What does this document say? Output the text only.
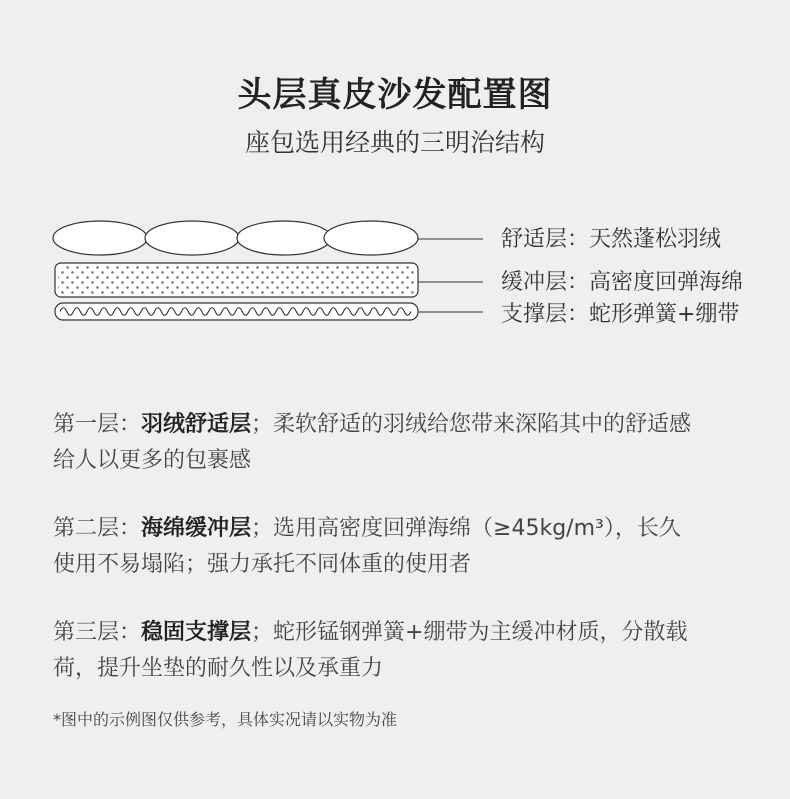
头层真皮沙发配置图
座包选用经典的三明治结构
舒适层：天然蓬松羽绒
缓冲层：高密度回弹海绵
支撑层：蛇形弹簧+绷带
第一层：羽绒舒适层；柔软舒适的羽绒给您带来深陷其中的舒适感
给人以更多的包裹感
第二层：海绵缓冲层；选用高密度回弹海绵（≥45kg/m³），长久
使用不易塌陷；强力承托不同体重的使用者
第三层：稳固支撑层；蛇形锰钢弹簧+绷带为主缓冲材质，分散载
荷，提升坐垫的耐久性以及承重力
*图中的示例图仅供参考，具体实况请以实物为准
